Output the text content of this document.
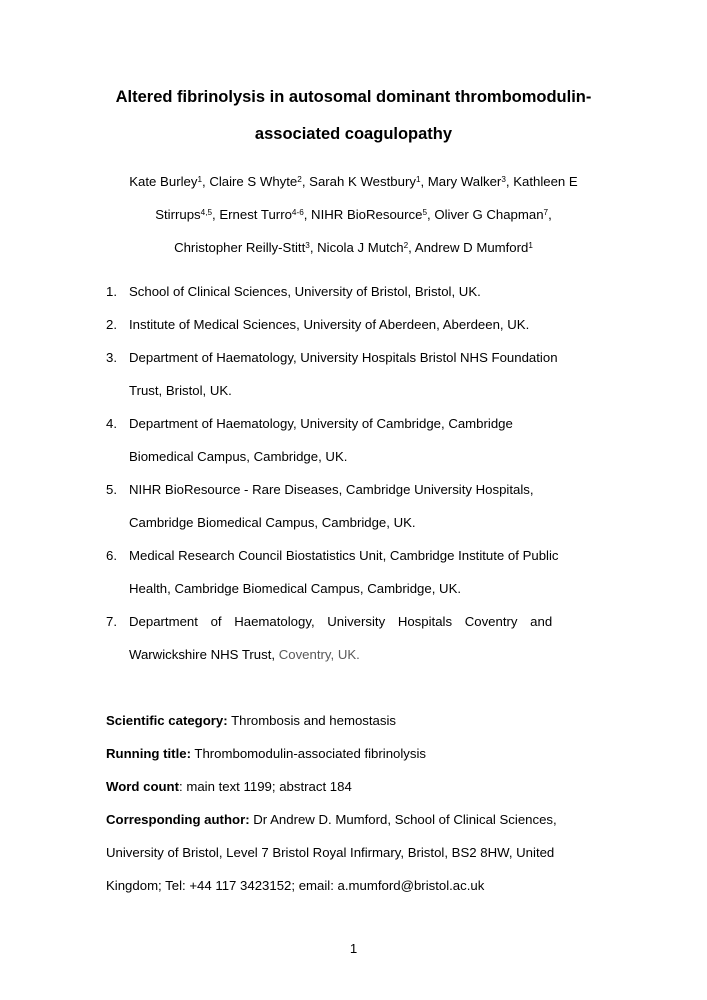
Altered fibrinolysis in autosomal dominant thrombomodulin-
associated coagulopathy
Kate Burley$^1$, Claire S Whyte$^2$, Sarah K Westbury$^1$, Mary Walker$^3$, Kathleen E
Stirrups$^{4,5}$, Ernest Turro$^{4-6}$, NIHR BioResource$^5$, Oliver G Chapman$^7$,
Christopher Reilly-Stitt$^3$, Nicola J Mutch$^2$, Andrew D Mumford$^1$
1. School of Clinical Sciences, University of Bristol, Bristol, UK.
2. Institute of Medical Sciences, University of Aberdeen, Aberdeen, UK.
3. Department of Haematology, University Hospitals Bristol NHS Foundation
Trust, Bristol, UK.
4. Department of Haematology, University of Cambridge, Cambridge
Biomedical Campus, Cambridge, UK.
5. NIHR BioResource - Rare Diseases, Cambridge University Hospitals,
Cambridge Biomedical Campus, Cambridge, UK.
6. Medical Research Council Biostatistics Unit, Cambridge Institute of Public
Health, Cambridge Biomedical Campus, Cambridge, UK.
7. Department of Haematology, University Hospitals Coventry and
Warwickshire NHS Trust, Coventry, UK.

Scientific category: Thrombosis and hemostasis

Running title: Thrombomodulin-associated fibrinolysis

Word count: main text 1199; abstract 184

Corresponding author: Dr Andrew D. Mumford, School of Clinical Sciences,

University of Bristol, Level 7 Bristol Royal Infirmary, Bristol, BS2 8HW, United

Kingdom; Tel: +44 117 3423152; email: a.mumford@bristol.ac.uk

1
